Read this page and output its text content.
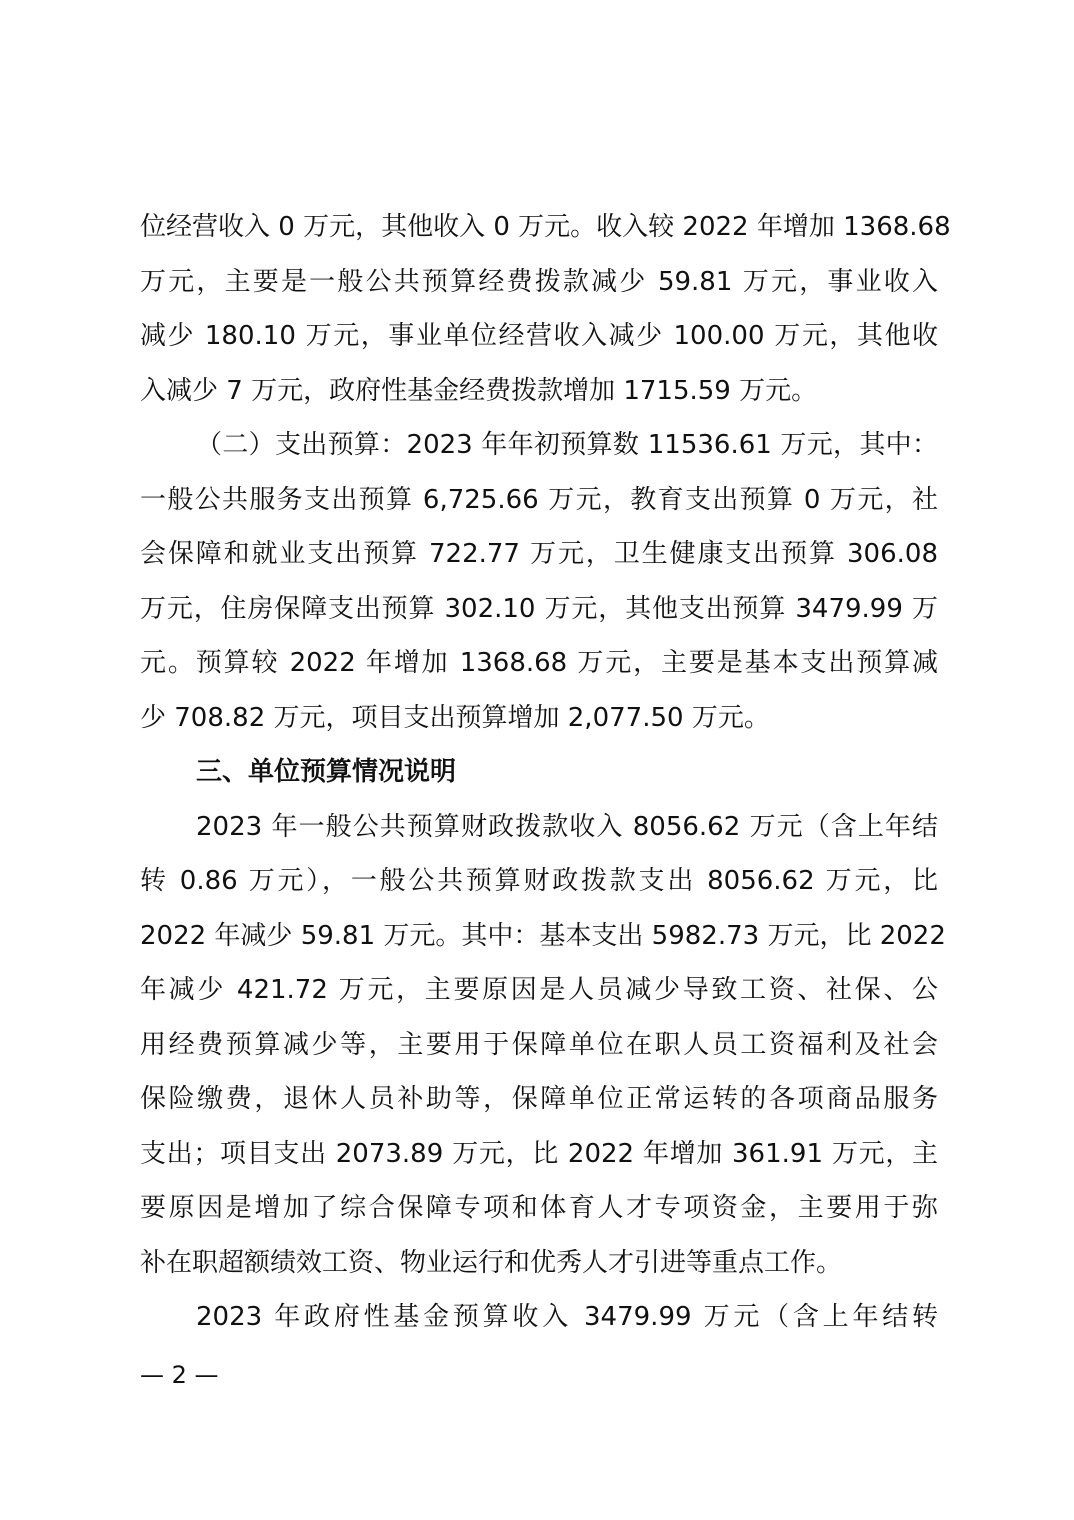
位经营收入 0 万元，其他收入 0 万元。收入较 2022 年增加 1368.68
万元，主要是一般公共预算经费拨款减少 59.81 万元，事业收入
减少 180.10 万元，事业单位经营收入减少 100.00 万元，其他收
入减少 7 万元，政府性基金经费拨款增加 1715.59 万元。
（二）支出预算：2023 年年初预算数 11536.61 万元，其中：
一般公共服务支出预算 6,725.66 万元，教育支出预算 0 万元，社
会保障和就业支出预算 722.77 万元，卫生健康支出预算 306.08
万元，住房保障支出预算 302.10 万元，其他支出预算 3479.99 万
元。预算较 2022 年增加 1368.68 万元，主要是基本支出预算减
少 708.82 万元，项目支出预算增加 2,077.50 万元。
三、单位预算情况说明
2023 年一般公共预算财政拨款收入 8056.62 万元（含上年结
转 0.86 万元），一般公共预算财政拨款支出 8056.62 万元，比
2022 年减少 59.81 万元。其中：基本支出 5982.73 万元，比 2022
年减少 421.72 万元，主要原因是人员减少导致工资、社保、公
用经费预算减少等，主要用于保障单位在职人员工资福利及社会
保险缴费，退休人员补助等，保障单位正常运转的各项商品服务
支出；项目支出 2073.89 万元，比 2022 年增加 361.91 万元，主
要原因是增加了综合保障专项和体育人才专项资金，主要用于弥
补在职超额绩效工资、物业运行和优秀人才引进等重点工作。
2023 年政府性基金预算收入 3479.99 万元（含上年结转
— 2 —
